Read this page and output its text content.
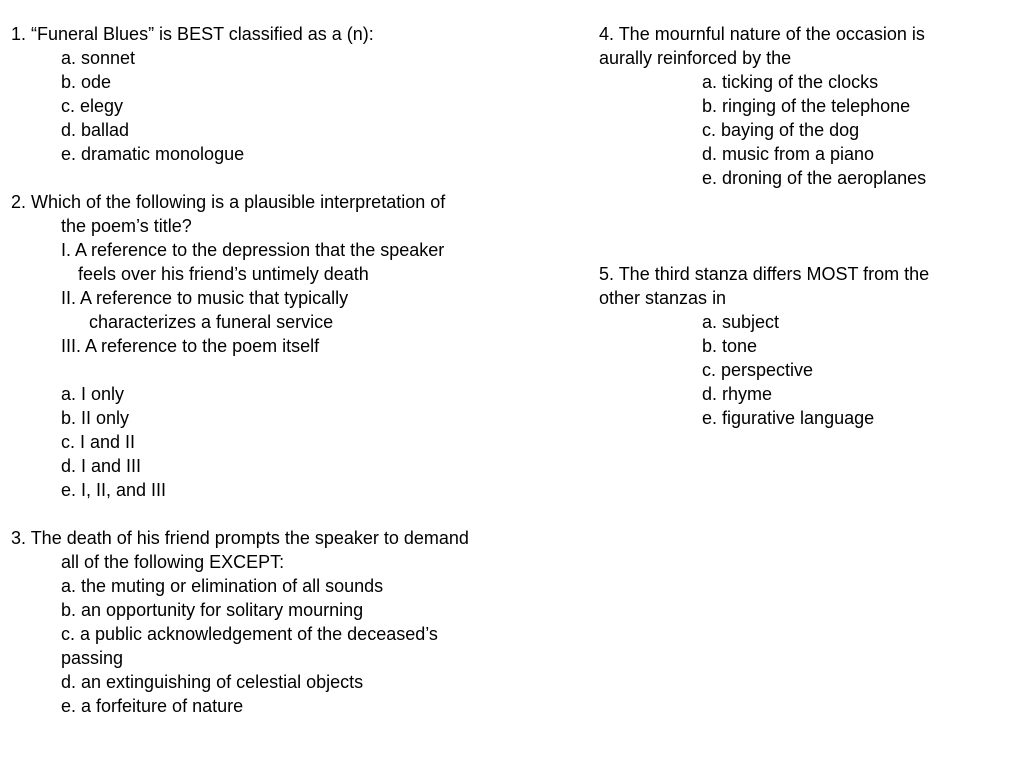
1. “Funeral Blues” is BEST classified as a (n):
a. sonnet
b. ode
c. elegy
d. ballad
e. dramatic monologue
2. Which of the following is a plausible interpretation of
the poem’s title?
I. A reference to the depression that the speaker
feels over his friend’s untimely death
II. A reference to music that typically
characterizes a funeral service
III. A reference to the poem itself
a. I only
b. II only
c. I and II
d. I and III
e. I, II, and III
3. The death of his friend prompts the speaker to demand
all of the following EXCEPT:
a. the muting or elimination of all sounds
b. an opportunity for solitary mourning
c. a public acknowledgement of the deceased’s
passing
d. an extinguishing of celestial objects
e. a forfeiture of nature
4. The mournful nature of the occasion is
aurally reinforced by the
a. ticking of the clocks
b. ringing of the telephone
c. baying of the dog
d. music from a piano
e. droning of the aeroplanes
5. The third stanza differs MOST from the
other stanzas in
a. subject
b. tone
c. perspective
d. rhyme
e. figurative language
